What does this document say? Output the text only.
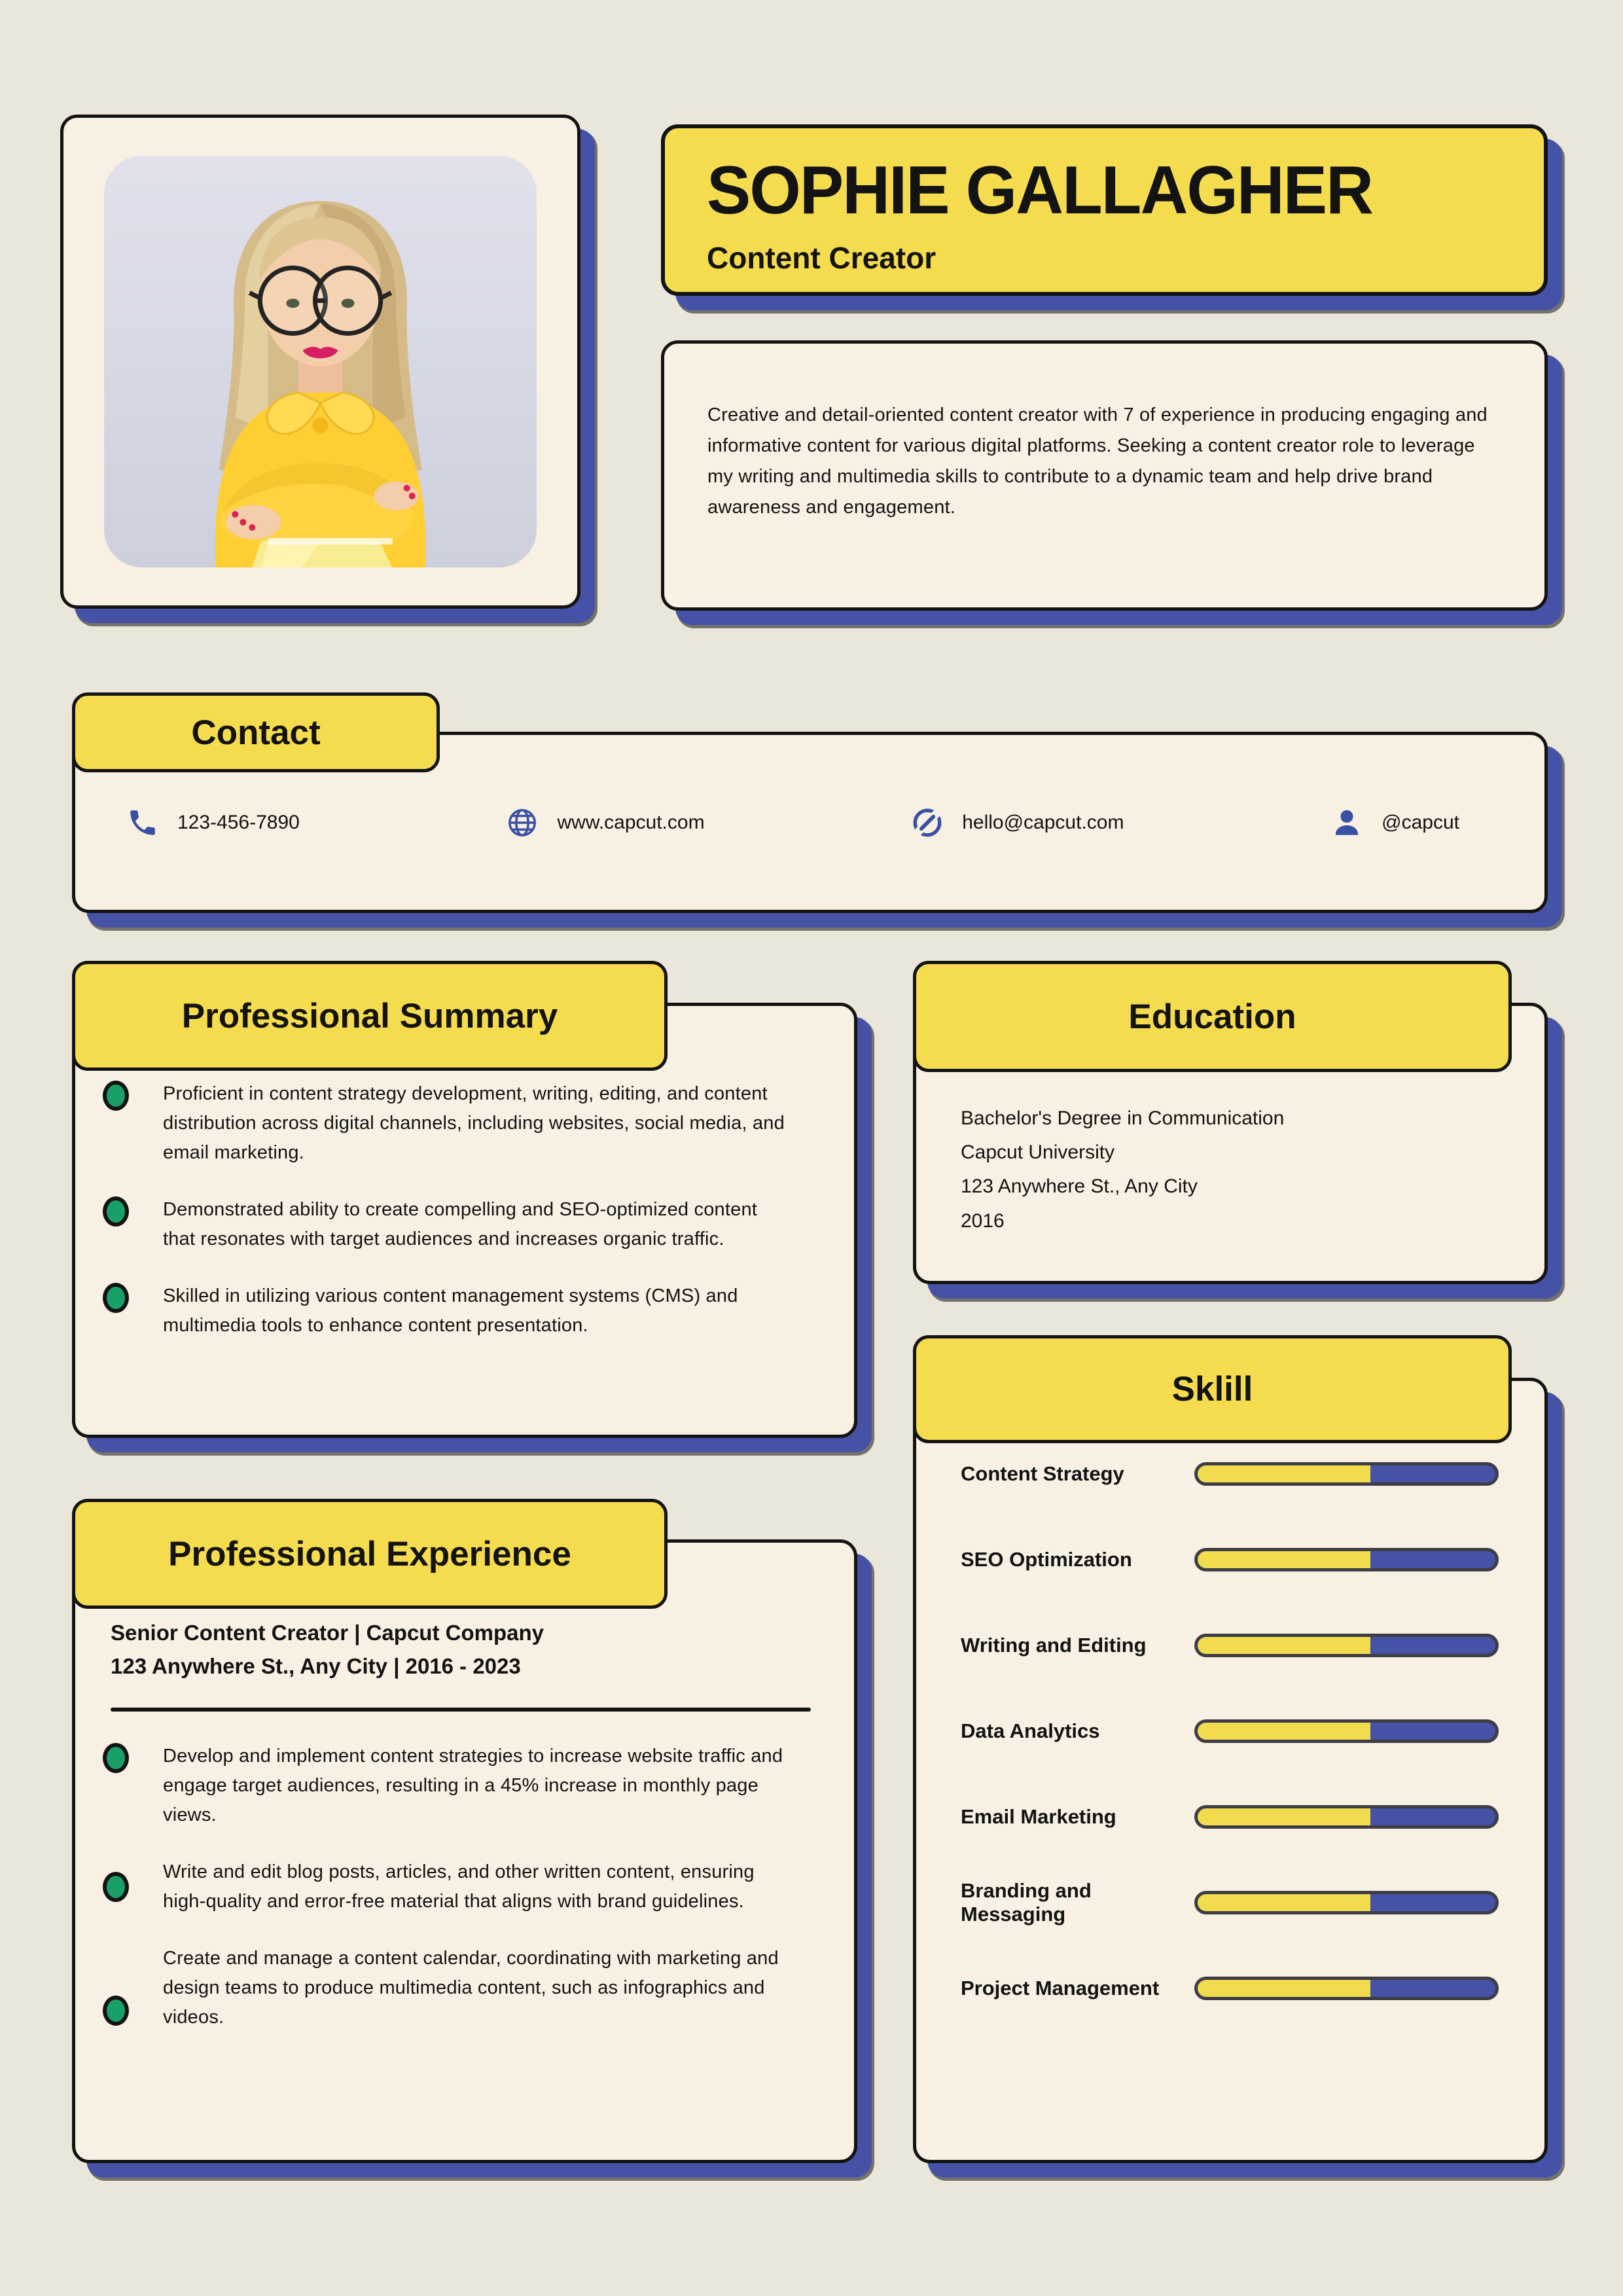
SOPHIE GALLAGHER
Content Creator
Creative and detail-oriented content creator with 7 of experience in producing engaging and informative content for various digital platforms. Seeking a content creator role to leverage my writing and multimedia skills to contribute to a dynamic team and help drive brand awareness and engagement.
123-456-7890	www.capcut.com	hello@capcut.com	@capcut
Contact
Proficient in content strategy development, writing, editing, and content distribution across digital channels, including websites, social media, and email marketing.
Demonstrated ability to create compelling and SEO-optimized content that resonates with target audiences and increases organic traffic.
Skilled in utilizing various content management systems (CMS) and multimedia tools to enhance content presentation.
Professional Summary
Bachelor's Degree in Communication
Capcut University
123 Anywhere St., Any City
2016
Education
Senior Content Creator | Capcut Company
123 Anywhere St., Any City | 2016 - 2023
Develop and implement content strategies to increase website traffic and engage target audiences, resulting in a 45% increase in monthly page views.
Write and edit blog posts, articles, and other written content, ensuring high-quality and error-free material that aligns with brand guidelines.
Create and manage a content calendar, coordinating with marketing and design teams to produce multimedia content, such as infographics and videos.
Professional Experience
Content Strategy
SEO Optimization
Writing and Editing
Data Analytics
Email Marketing
Branding and Messaging
Project Management
Sklill
